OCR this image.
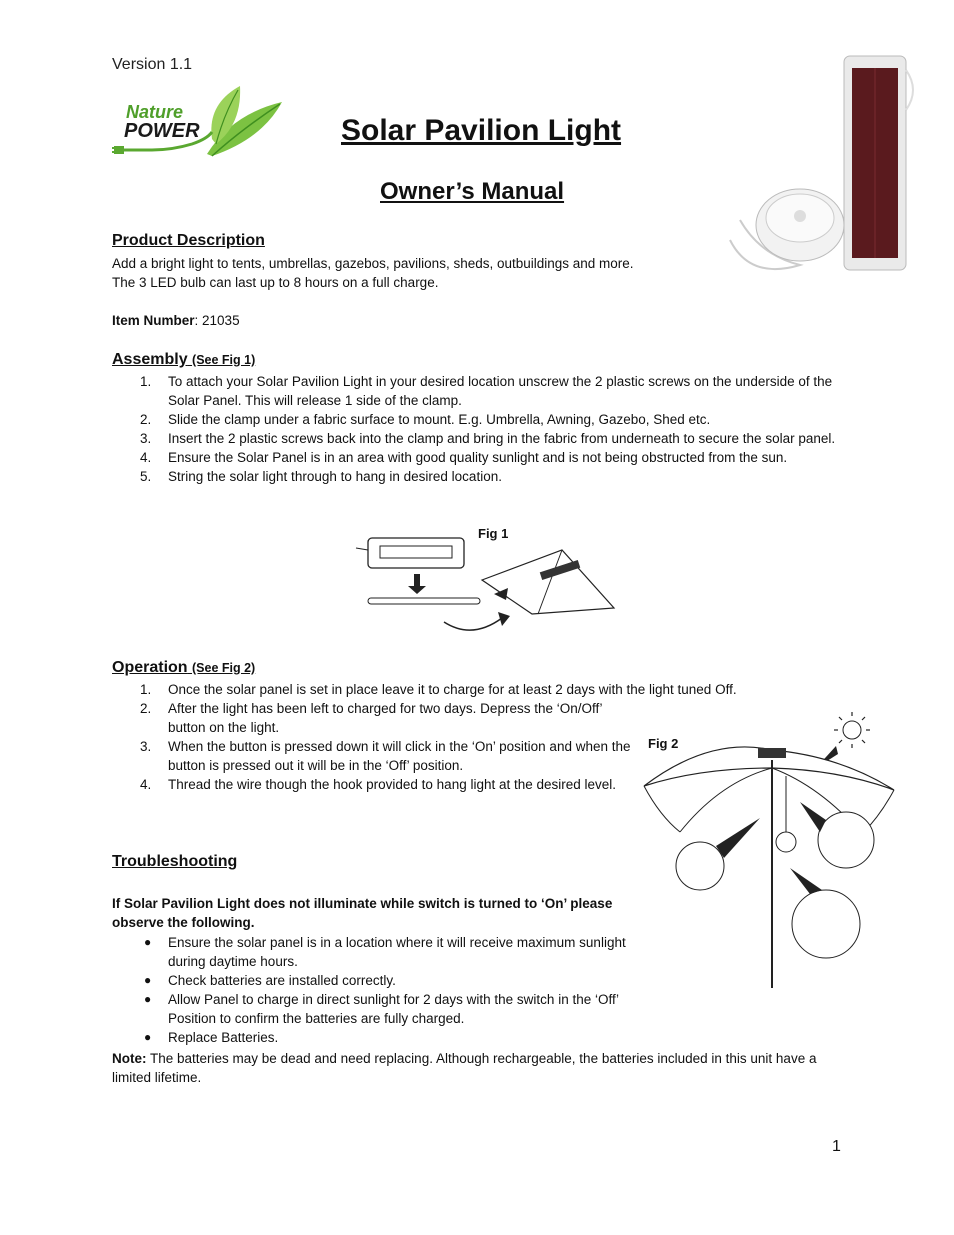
Version 1.1
Nature
POWER	Solar Pavilion Light
Owner’s Manual
Product Description
Add a bright light to tents, umbrellas, gazebos, pavilions, sheds, outbuildings and more.
The 3 LED bulb can last up to 8 hours on a full charge.
Item Number: 21035
Assembly (See Fig 1)
1. To attach your Solar Pavilion Light in your desired location unscrew the 2 plastic screws on the underside of the Solar Panel. This will release 1 side of the clamp.
2. Slide the clamp under a fabric surface to mount. E.g. Umbrella, Awning, Gazebo, Shed etc.
3. Insert the 2 plastic screws back into the clamp and bring in the fabric from underneath to secure the solar panel.
4. Ensure the Solar Panel is in an area with good quality sunlight and is not being obstructed from the sun.
5. String the solar light through to hang in desired location.
Fig 1
Operation (See Fig 2)
1. Once the solar panel is set in place leave it to charge for at least 2 days with the light tuned Off.
2. After the light has been left to charged for two days. Depress the ‘On/Off’ button on the light.
3. When the button is pressed down it will click in the ‘On’ position and when the button is pressed out it will be in the ‘Off’ position.
4. Thread the wire though the hook provided to hang light at the desired level.
Fig 2
Troubleshooting
If Solar Pavilion Light does not illuminate while switch is turned to ‘On’ please observe the following.
● Ensure the solar panel is in a location where it will receive maximum sunlight during daytime hours.
● Check batteries are installed correctly.
● Allow Panel to charge in direct sunlight for 2 days with the switch in the ‘Off’ Position to confirm the batteries are fully charged.
● Replace Batteries.
Note: The batteries may be dead and need replacing. Although rechargeable, the batteries included in this unit have a limited lifetime.
1
